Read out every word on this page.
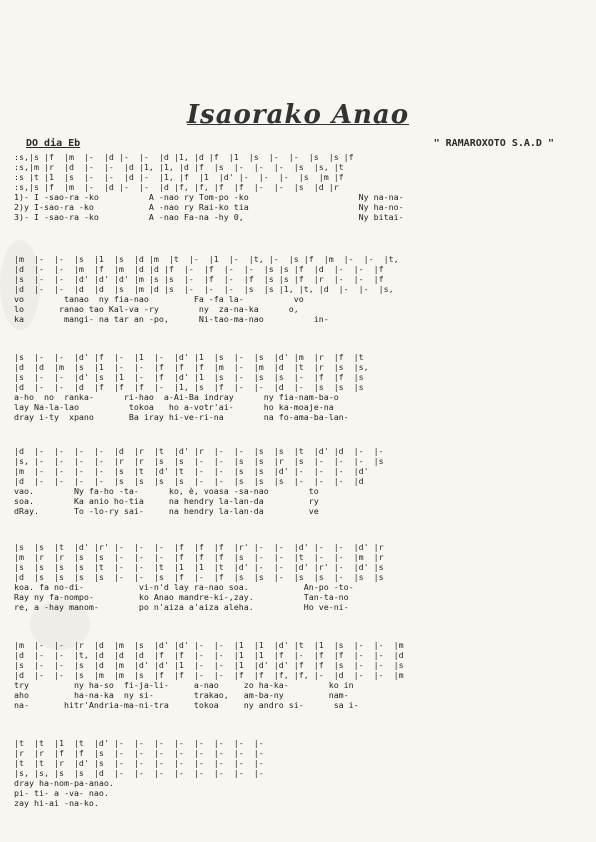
Isaorako Anao
DO dia Eb	" RAMAROXOTO S.A.D "
:s,|s |f  |m  |-  |d |-  |-  |d |1, |d |f  |1  |s  |-  |-  |s  |s |f
:s,|m |r  |d  |-  |-  |d |1, |1, |d |f  |s  |-  |-  |-  |s  |s, |t
:s |t |1  |s  |-  |-  |d |-  |1, |f  |1  |d' |-  |-  |-  |s  |m |f
:s,|s |f  |m  |-  |d |-  |-  |d |f, |f, |f  |f  |-  |-  |s  |d |r
1)- I -sao-ra -ko          A -nao ry Tom-po -ko                      Ny na-na-
2)y I-sao-ra -ko           A -nao ry Rai-ko tia                      Ny ha-no-
3)- I -sao-ra -ko          A -nao Fa-na -hy 0,                       Ny bitai-
|m  |-  |-  |s  |1  |s  |d |m  |t  |-  |1  |-  |t, |-  |s |f  |m  |-  |-  |t,
|d  |-  |-  |m  |f  |m  |d |d |f  |-  |f  |-  |-  |s |s |f  |d  |-  |-  |f
|s  |-  |-  |d' |d' |d' |m |s |s  |-  |f  |-  |f  |s |s |f  |r  |-  |-  |f
|d  |-  |-  |d  |d  |s  |m |d |s  |-  |-  |-  |s  |s |1, |t, |d  |-  |-  |s,
vo        tanao  ny fia-nao         Fa -fa la-          vo
lo       ranao tao Kal-va -ry        ny  za-na-ka      o,
ka        mangi- na tar an -po,      Ni-tao-ma-nao          in-
|s  |-  |-  |d' |f  |-  |1  |-  |d' |1  |s  |-  |s  |d' |m  |r  |f  |t
|d  |d  |m  |s  |1  |-  |-  |f  |f  |f  |m  |-  |m  |d  |t  |r  |s  |s,
|s  |-  |-  |d' |s  |1  |-  |f  |d' |1  |s  |-  |s  |s  |-  |f  |f  |s
|d  |-  |-  |d  |f  |f  |f  |-  |1, |s  |f  |-  |-  |d  |-  |s  |s  |s
a-ho  no  ranka-      ri-hao  a-Ai-Ba indray      ny fia-nam-ba-o
lay Na-la-lao          tokoa   ho a-votr'ai-      ho ka-moaje-na
dray i-ty  xpano       Ba iray hi-ve-ri-na        na fo-ama-ba-lan-
|d  |-  |-  |-  |-  |d  |r  |t  |d' |r  |-  |-  |s  |s  |t  |d' |d  |-  |-
|s, |-  |-  |-  |-  |r  |r  |s  |s  |-  |-  |s  |s  |r  |s  |-  |-  |-  |s
|m  |-  |-  |-  |-  |s  |t  |d' |t  |-  |-  |s  |s  |d' |-  |-  |-  |d'
|d  |-  |-  |-  |-  |s  |s  |s  |s  |-  |-  |s  |s  |s  |-  |-  |-  |d
vao.        Ny fa-ho -ta-      ko, è, voasa -sa-nao        to
soa.        Ka anio ho-tia     na hendry la-lan-da         ry
dRay.       To -lo-ry sai-     na hendry la-lan-da         ve
|s  |s  |t  |d' |r' |-  |-  |-  |f  |f  |f  |r' |-  |-  |d' |-  |-  |d' |r
|m  |r  |r  |s  |s  |-  |-  |-  |f  |f  |f  |s  |-  |-  |t  |-  |-  |m  |r
|s  |s  |s  |s  |t  |-  |-  |t  |1  |1  |t  |d' |-  |-  |d' |r' |-  |d' |s
|d  |s  |s  |s  |s  |-  |-  |s  |f  |-  |f  |s  |s  |-  |s  |s  |-  |s  |s
koa. fa no-di-           vi-n'd lay ra-nao soa.           An-po -to-
Ray ny fa-nompo-         ko Anao mandre-ki-,zay.          Tan-ta-no
re, a -hay manom-        po n'aiza a'aiza aleha.          Ho ve-ni-
|m  |-  |-  |r  |d  |m  |s  |d' |d' |-  |-  |1  |1  |d' |t  |1  |s  |-  |-  |m
|d  |-  |-  |t, |d  |d  |d  |f  |f  |-  |-  |1  |1  |f  |-  |f  |f  |-  |-  |d
|s  |-  |-  |s  |d  |m  |d' |d' |1  |-  |-  |1  |d' |d' |f  |f  |s  |-  |-  |s
|d  |-  |-  |s  |m  |m  |s  |f  |f  |-  |-  |f  |f  |f, |f, |-  |d  |-  |-  |m
try         ny ha-so  fi-ja-li-     a-nao     zo ha-ka-        ko in
aho         ha-na-ka  ny si-        trakao,   am-ba-ny         nam-
na-       hitr'Andria-ma-ni-tra     tokoa     ny andro si-      sa i-
|t  |t  |1  |t  |d' |-  |-  |-  |-  |-  |-  |-  |-
|r  |r  |f  |f  |s  |-  |-  |-  |-  |-  |-  |-  |-
|t  |t  |r  |d' |s  |-  |-  |-  |-  |-  |-  |-  |-
|s, |s, |s  |s  |d  |-  |-  |-  |-  |-  |-  |-  |-
dray ha-nom-pa-anao.
pi- ti- a -va- nao.
zay hi-ai -na-ko.
